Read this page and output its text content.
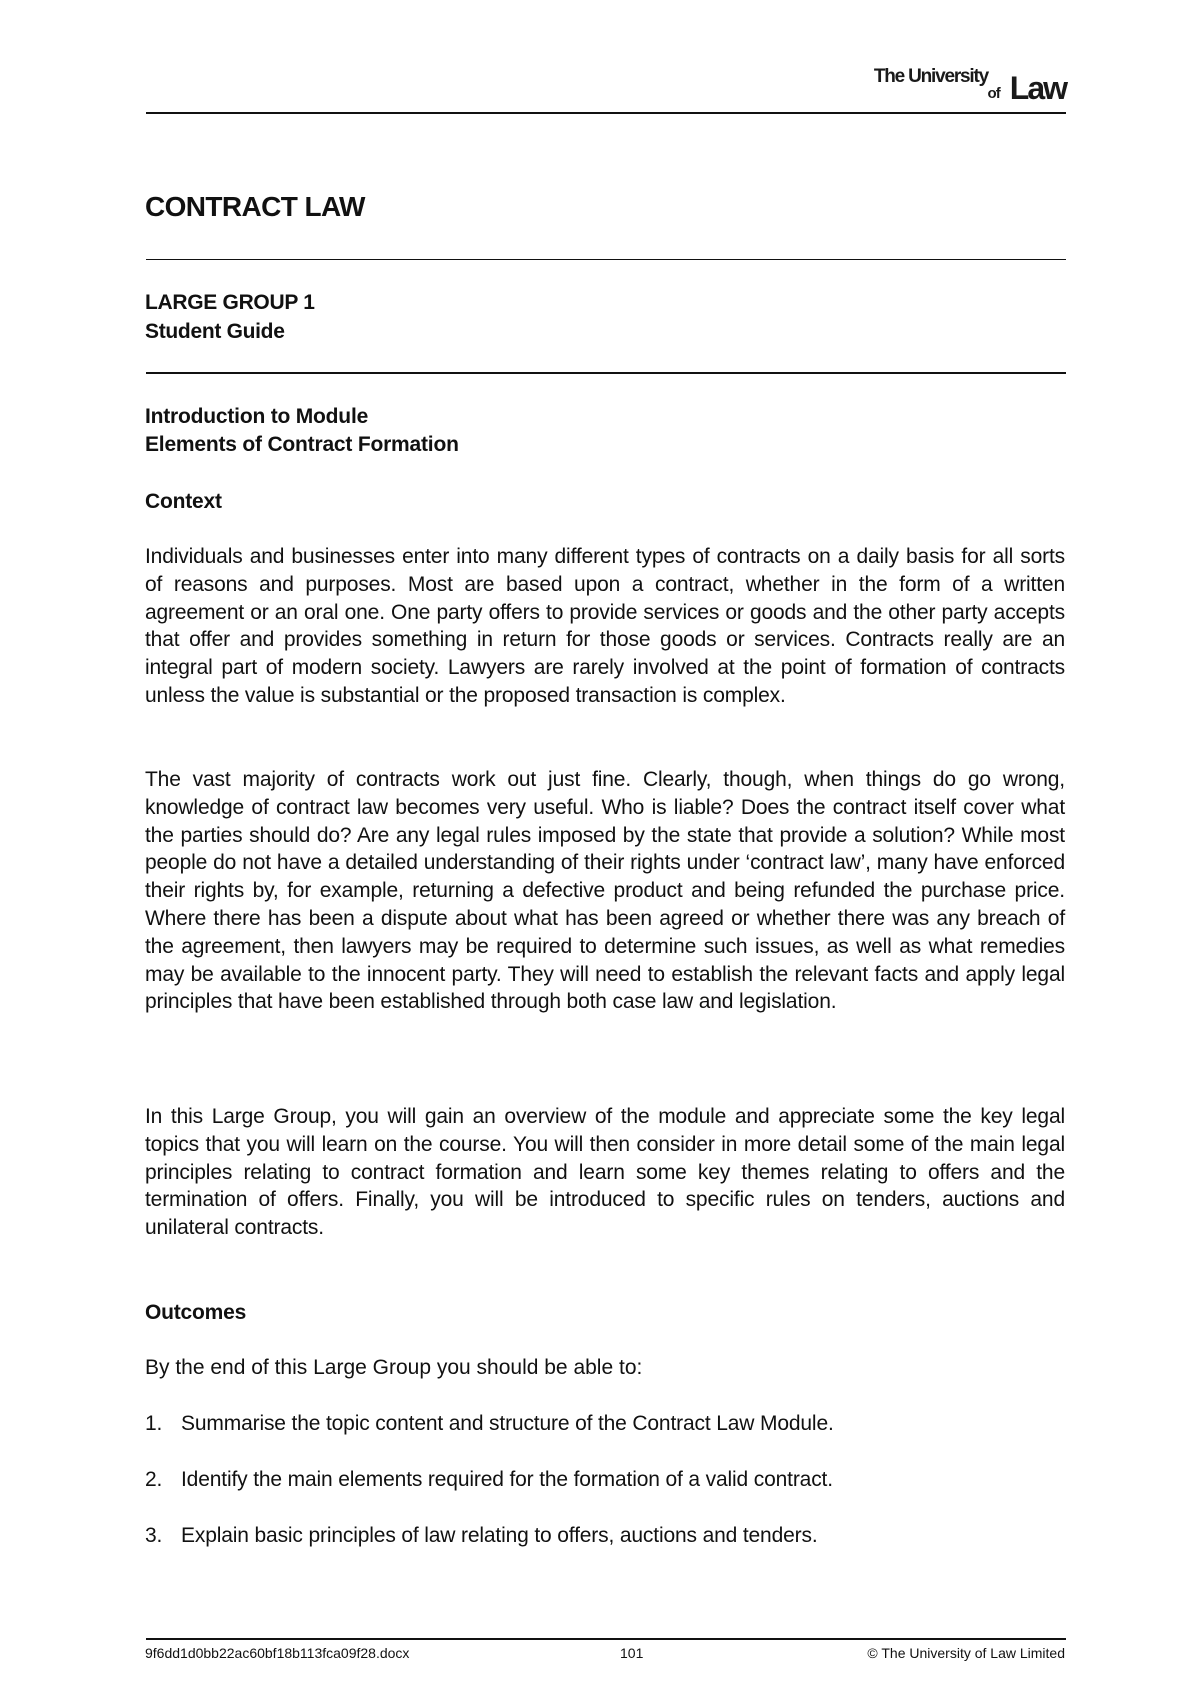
The University
of Law
CONTRACT LAW
LARGE GROUP 1
Student Guide
Introduction to Module
Elements of Contract Formation
Context
Individuals and businesses enter into many different types of contracts on a daily basis for all sorts of reasons and purposes. Most are based upon a contract, whether in the form of a written agreement or an oral one. One party offers to provide services or goods and the other party accepts that offer and provides something in return for those goods or services. Contracts really are an integral part of modern society. Lawyers are rarely involved at the point of formation of contracts unless the value is substantial or the proposed transaction is complex.
The vast majority of contracts work out just fine. Clearly, though, when things do go wrong, knowledge of contract law becomes very useful. Who is liable? Does the contract itself cover what the parties should do? Are any legal rules imposed by the state that provide a solution? While most people do not have a detailed understanding of their rights under ‘contract law’, many have enforced their rights by, for example, returning a defective product and being refunded the purchase price. Where there has been a dispute about what has been agreed or whether there was any breach of the agreement, then lawyers may be required to determine such issues, as well as what remedies may be available to the innocent party. They will need to establish the relevant facts and apply legal principles that have been established through both case law and legislation.
In this Large Group, you will gain an overview of the module and appreciate some the key legal topics that you will learn on the course. You will then consider in more detail some of the main legal principles relating to contract formation and learn some key themes relating to offers and the termination of offers. Finally, you will be introduced to specific rules on tenders, auctions and unilateral contracts.
Outcomes
By the end of this Large Group you should be able to:
1. Summarise the topic content and structure of the Contract Law Module.
2. Identify the main elements required for the formation of a valid contract.
3. Explain basic principles of law relating to offers, auctions and tenders.
9f6dd1d0bb22ac60bf18b113fca09f28.docx	101	© The University of Law Limited
